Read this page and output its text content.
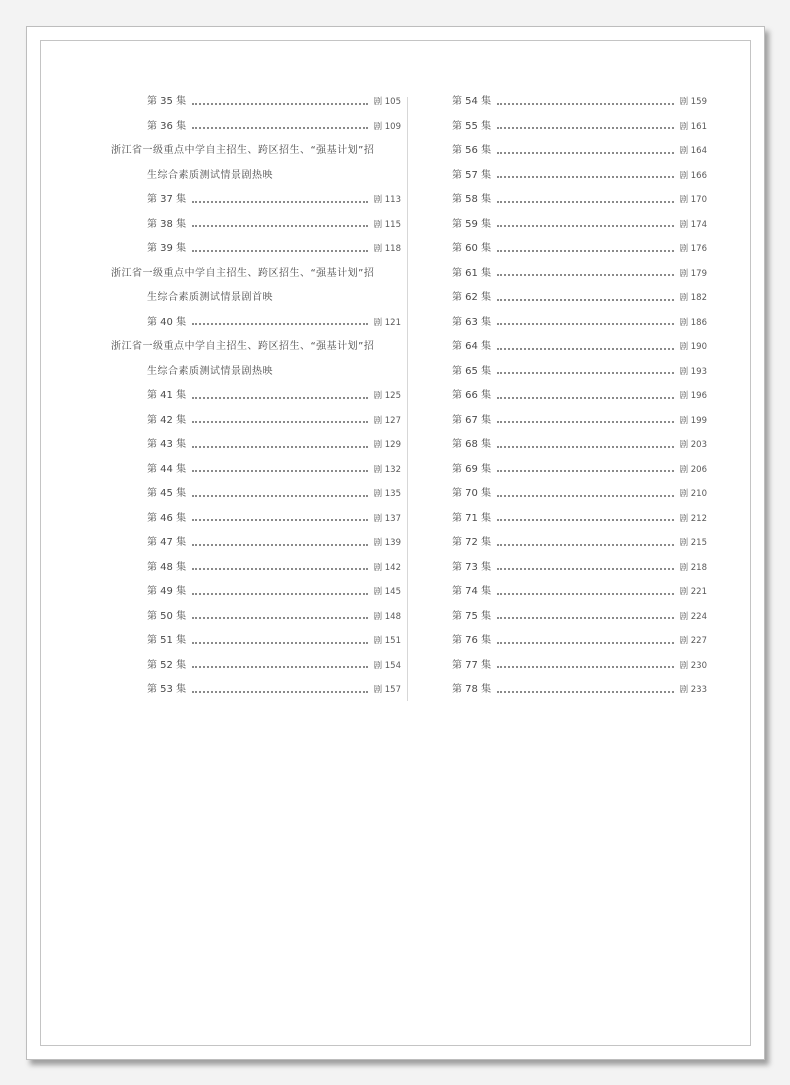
第 35 集	剧 105
第 36 集	剧 109
浙江省一级重点中学自主招生、跨区招生、“强基计划”招
生综合素质测试情景剧热映
第 37 集	剧 113
第 38 集	剧 115
第 39 集	剧 118
浙江省一级重点中学自主招生、跨区招生、“强基计划”招
生综合素质测试情景剧首映
第 40 集	剧 121
浙江省一级重点中学自主招生、跨区招生、“强基计划”招
生综合素质测试情景剧热映
第 41 集	剧 125
第 42 集	剧 127
第 43 集	剧 129
第 44 集	剧 132
第 45 集	剧 135
第 46 集	剧 137
第 47 集	剧 139
第 48 集	剧 142
第 49 集	剧 145
第 50 集	剧 148
第 51 集	剧 151
第 52 集	剧 154
第 53 集	剧 157
第 54 集	剧 159
第 55 集	剧 161
第 56 集	剧 164
第 57 集	剧 166
第 58 集	剧 170
第 59 集	剧 174
第 60 集	剧 176
第 61 集	剧 179
第 62 集	剧 182
第 63 集	剧 186
第 64 集	剧 190
第 65 集	剧 193
第 66 集	剧 196
第 67 集	剧 199
第 68 集	剧 203
第 69 集	剧 206
第 70 集	剧 210
第 71 集	剧 212
第 72 集	剧 215
第 73 集	剧 218
第 74 集	剧 221
第 75 集	剧 224
第 76 集	剧 227
第 77 集	剧 230
第 78 集	剧 233
